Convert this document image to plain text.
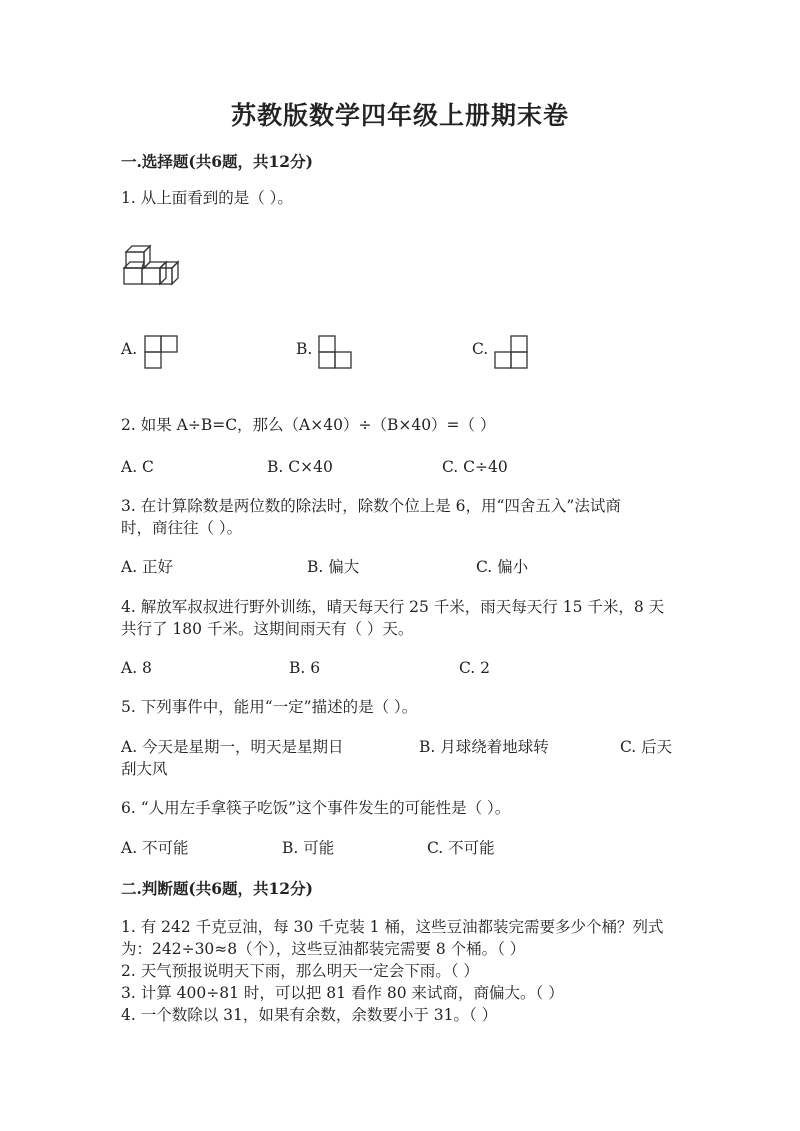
苏教版数学四年级上册期末卷
一.选择题(共6题，共12分)
1. 从上面看到的是（ ）。
A.	B.	C.
2. 如果 A÷B=C，那么（A×40）÷（B×40）=（ ）
A. C	B. C×40	C. C÷40
3. 在计算除数是两位数的除法时，除数个位上是 6，用“四舍五入”法试商
时，商往往（ ）。
A. 正好	B. 偏大	C. 偏小
4. 解放军叔叔进行野外训练，晴天每天行 25 千米，雨天每天行 15 千米，8 天
共行了 180 千米。这期间雨天有（ ）天。
A. 8	B. 6	C. 2
5. 下列事件中，能用“一定”描述的是（ ）。
A. 今天是星期一，明天是星期日	B. 月球绕着地球转	C. 后天
刮大风
6. “人用左手拿筷子吃饭”这个事件发生的可能性是（ ）。
A. 不可能	B. 可能	C. 不可能
二.判断题(共6题，共12分)
1. 有 242 千克豆油，每 30 千克装 1 桶，这些豆油都装完需要多少个桶？列式
为：242÷30≈8（个），这些豆油都装完需要 8 个桶。（ ）
2. 天气预报说明天下雨，那么明天一定会下雨。（ ）
3. 计算 400÷81 时，可以把 81 看作 80 来试商，商偏大。（ ）
4. 一个数除以 31，如果有余数，余数要小于 31。（ ）
